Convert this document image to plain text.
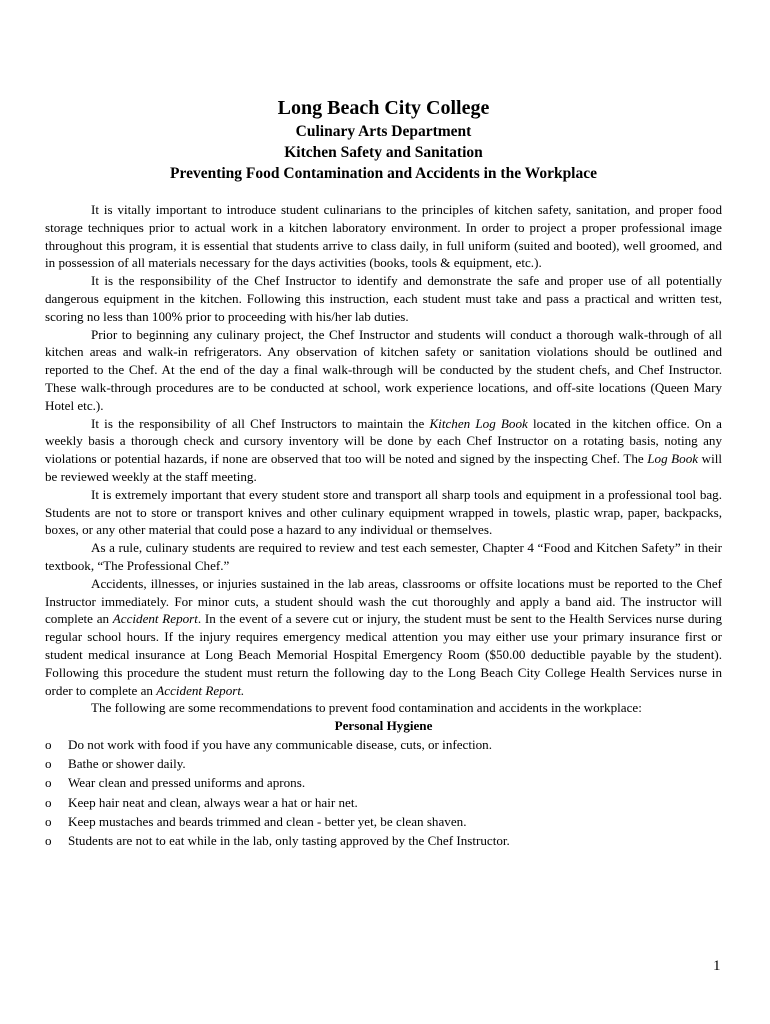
Long Beach City College
Culinary Arts Department
Kitchen Safety and Sanitation
Preventing Food Contamination and Accidents in the Workplace

It is vitally important to introduce student culinarians to the principles of kitchen safety, sanitation, and proper food storage techniques prior to actual work in a kitchen laboratory environment. In order to project a proper professional image throughout this program, it is essential that students arrive to class daily, in full uniform (suited and booted), well groomed, and in possession of all materials necessary for the days activities (books, tools & equipment, etc.).

It is the responsibility of the Chef Instructor to identify and demonstrate the safe and proper use of all potentially dangerous equipment in the kitchen. Following this instruction, each student must take and pass a practical and written test, scoring no less than 100% prior to proceeding with his/her lab duties.

Prior to beginning any culinary project, the Chef Instructor and students will conduct a thorough walk-through of all kitchen areas and walk-in refrigerators. Any observation of kitchen safety or sanitation violations should be outlined and reported to the Chef. At the end of the day a final walk-through will be conducted by the student chefs, and Chef Instructor. These walk-through procedures are to be conducted at school, work experience locations, and off-site locations (Queen Mary Hotel etc.).

It is the responsibility of all Chef Instructors to maintain the Kitchen Log Book located in the kitchen office. On a weekly basis a thorough check and cursory inventory will be done by each Chef Instructor on a rotating basis, noting any violations or potential hazards, if none are observed that too will be noted and signed by the inspecting Chef. The Log Book will be reviewed weekly at the staff meeting.

It is extremely important that every student store and transport all sharp tools and equipment in a professional tool bag. Students are not to store or transport knives and other culinary equipment wrapped in towels, plastic wrap, paper, backpacks, boxes, or any other material that could pose a hazard to any individual or themselves.

As a rule, culinary students are required to review and test each semester, Chapter 4 “Food and Kitchen Safety” in their textbook, “The Professional Chef.”

Accidents, illnesses, or injuries sustained in the lab areas, classrooms or offsite locations must be reported to the Chef Instructor immediately. For minor cuts, a student should wash the cut thoroughly and apply a band aid. The instructor will complete an Accident Report. In the event of a severe cut or injury, the student must be sent to the Health Services nurse during regular school hours. If the injury requires emergency medical attention you may either use your primary insurance first or student medical insurance at Long Beach Memorial Hospital Emergency Room ($50.00 deductible payable by the student). Following this procedure the student must return the following day to the Long Beach City College Health Services nurse in order to complete an Accident Report.

The following are some recommendations to prevent food contamination and accidents in the workplace:

Personal Hygiene
o Do not work with food if you have any communicable disease, cuts, or infection.
o Bathe or shower daily.
o Wear clean and pressed uniforms and aprons.
o Keep hair neat and clean, always wear a hat or hair net.
o Keep mustaches and beards trimmed and clean - better yet, be clean shaven.
o Students are not to eat while in the lab, only tasting approved by the Chef Instructor.
1
